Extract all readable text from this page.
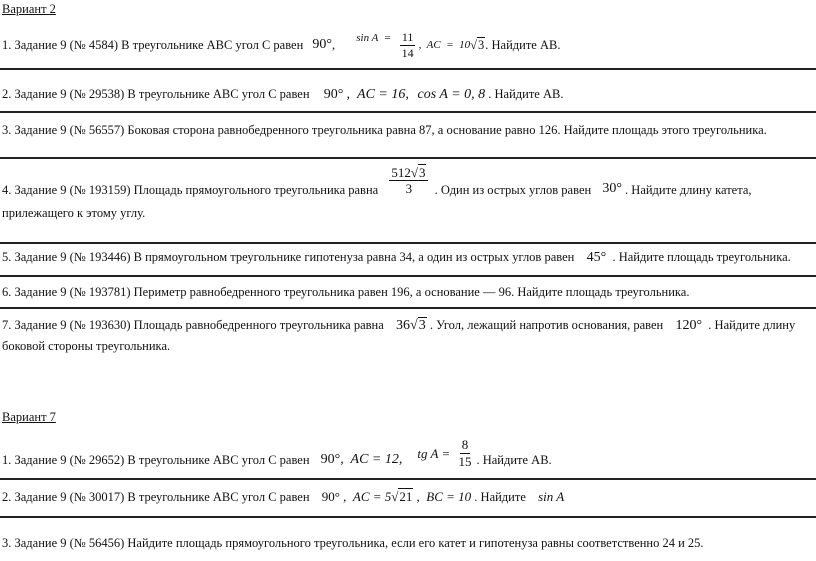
Вариант 2
1. Задание 9 (№ 4584) В треугольнике ABC угол C равен 90° ,
$\sin A = \frac{11}{14}$ ,  AC  =  10 √3 . Найдите AB.
2. Задание 9 (№ 29538) В треугольнике ABC угол C равен  90° ,  AC = 16,  cos A = 0, 8 . Найдите AB.
3. Задание 9 (№ 56557) Боковая сторона равнобедренного треугольника равна 87, а основание равно 126. Найдите площадь этого треугольника.
4. Задание 9 (№ 193159) Площадь прямоугольного треугольника равна $\frac{512√3}{3}$ . Один из острых углов равен 30° . Найдите длину катета,
прилежащего к этому углу.
5. Задание 9 (№ 193446) В прямоугольном треугольнике гипотенуза равна 34, а один из острых углов равен  45°  . Найдите площадь треугольника.
6. Задание 9 (№ 193781) Периметр равнобедренного треугольника равен 196, а основание — 96. Найдите площадь треугольника.
7. Задание 9 (№ 193630) Площадь равнобедренного треугольника равна  36√3 . Угол, лежащий напротив основания, равен  120°  . Найдите длину
боковой стороны треугольника.
Вариант 7
1. Задание 9 (№ 29652) В треугольнике ABC угол C равен 90° ,  AC = 12, tg $A = \frac{8}{15}$ . Найдите AB.
2. Задание 9 (№ 30017) В треугольнике ABC угол C равен  90° ,  AC = 5√21 ,  BC = 10 . Найдите  sin A
3. Задание 9 (№ 56456) Найдите площадь прямоугольного треугольника, если его катет и гипотенуза равны соответственно 24 и 25.
